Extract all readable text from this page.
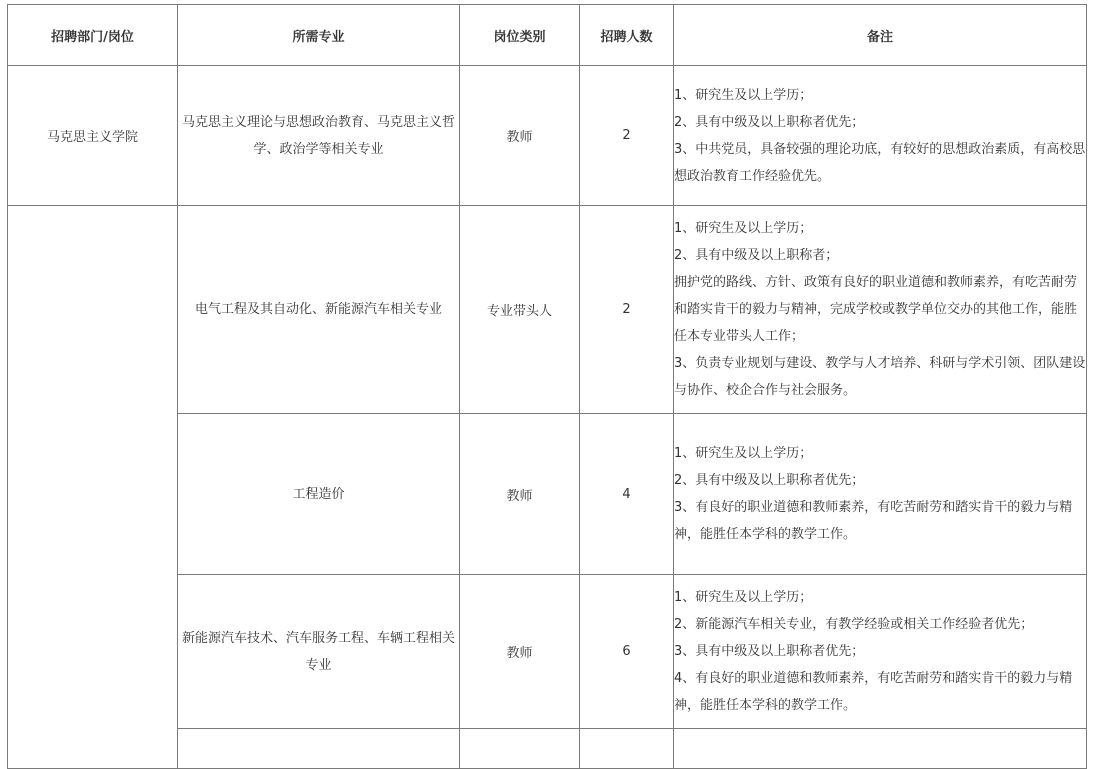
招聘部门/岗位	所需专业	岗位类别	招聘人数	备注
马克思主义学院	马克思主义理论与思想政治教育、马克思主义哲学、政治学等相关专业	教师	2	1、研究生及以上学历；
2、具有中级及以上职称者优先；
3、中共党员，具备较强的理论功底，有较好的思想政治素质，有高校思想政治教育工作经验优先。

	电气工程及其自动化、新能源汽车相关专业	专业带头人	2	1、研究生及以上学历；
2、具有中级及以上职称者；
拥护党的路线、方针、政策有良好的职业道德和教师素养，有吃苦耐劳和踏实肯干的毅力与精神，完成学校或教学单位交办的其他工作，能胜任本专业带头人工作；
3、负责专业规划与建设、教学与人才培养、科研与学术引领、团队建设与协作、校企合作与社会服务。

	工程造价	教师	4	1、研究生及以上学历；
2、具有中级及以上职称者优先；
3、有良好的职业道德和教师素养，有吃苦耐劳和踏实肯干的毅力与精神，能胜任本学科的教学工作。

	新能源汽车技术、汽车服务工程、车辆工程相关专业	教师	6	1、研究生及以上学历；
2、新能源汽车相关专业，有教学经验或相关工作经验者优先；
3、具有中级及以上职称者优先；
4、有良好的职业道德和教师素养，有吃苦耐劳和踏实肯干的毅力与精神，能胜任本学科的教学工作。
